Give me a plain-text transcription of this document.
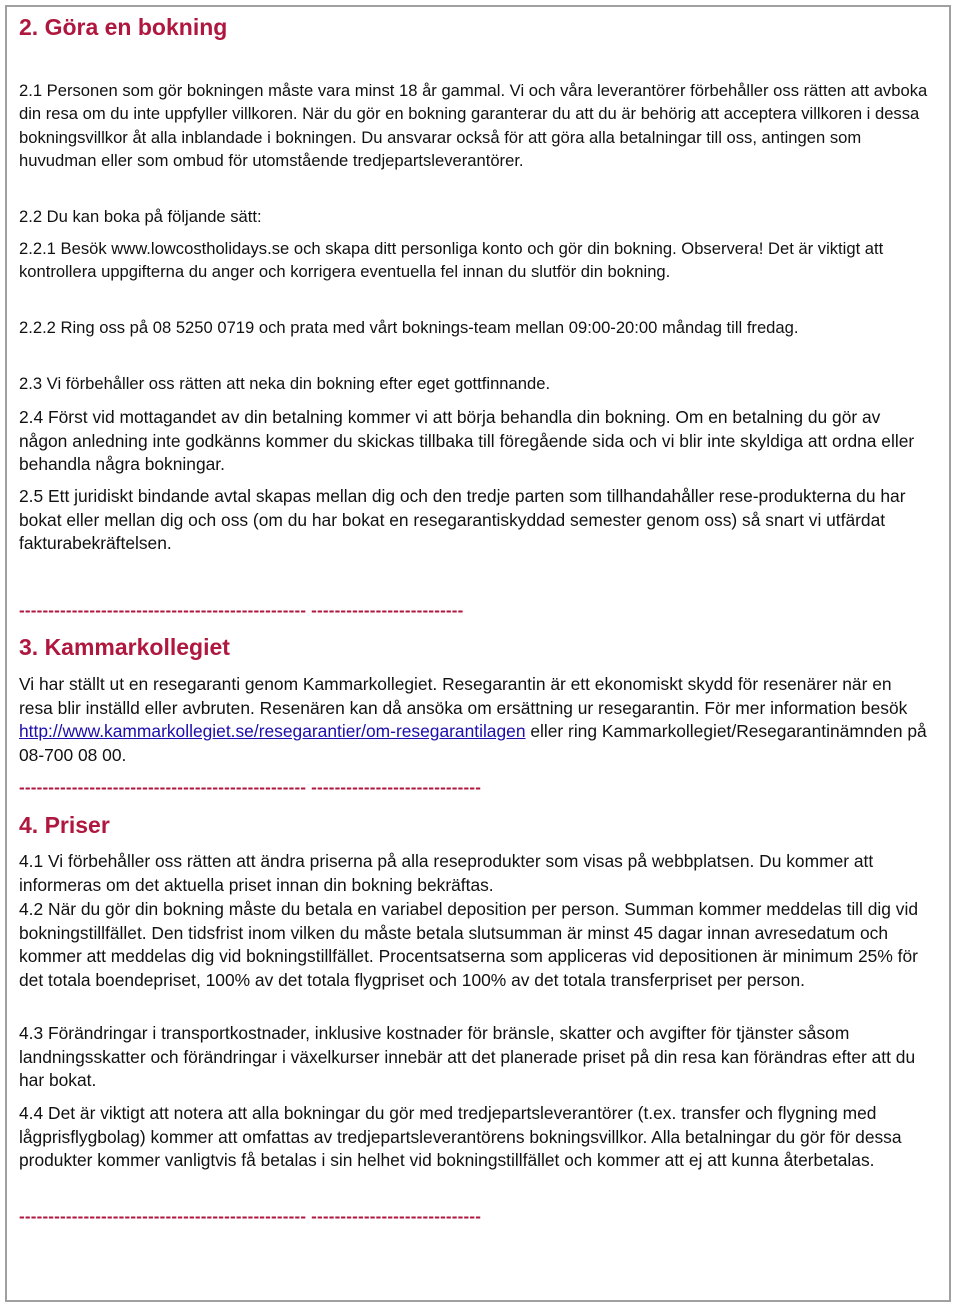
2. Göra en bokning

2.1 Personen som gör bokningen måste vara minst 18 år gammal. Vi och våra leverantörer förbehåller oss rätten att avboka din resa om du inte uppfyller villkoren. När du gör en bokning garanterar du att du är behörig att acceptera villkoren i dessa bokningsvillkor åt alla inblandade i bokningen. Du ansvarar också för att göra alla betalningar till oss, antingen som huvudman eller som ombud för utomstående tredjepartsleverantörer.

2.2 Du kan boka på följande sätt:

2.2.1 Besök www.lowcostholidays.se och skapa ditt personliga konto och gör din bokning. Observera! Det är viktigt att kontrollera uppgifterna du anger och korrigera eventuella fel innan du slutför din bokning.

2.2.2 Ring oss på 08 5250 0719 och prata med vårt boknings-team mellan 09:00-20:00 måndag till fredag.

2.3 Vi förbehåller oss rätten att neka din bokning efter eget gottfinnande.

2.4 Först vid mottagandet av din betalning kommer vi att börja behandla din bokning. Om en betalning du gör av någon anledning inte godkänns kommer du skickas tillbaka till föregående sida och vi blir inte skyldiga att ordna eller behandla några bokningar.

2.5 Ett juridiskt bindande avtal skapas mellan dig och den tredje parten som tillhandahåller rese-produkterna du har bokat eller mellan dig och oss (om du har bokat en resegarantiskyddad semester genom oss) så snart vi utfärdat fakturabekräftelsen.

------------------------------------------------- --------------------------

3. Kammarkollegiet

Vi har ställt ut en resegaranti genom Kammarkollegiet. Resegarantin är ett ekonomiskt skydd för resenärer när en resa blir inställd eller avbruten. Resenären kan då ansöka om ersättning ur resegarantin. För mer information besök http://www.kammarkollegiet.se/resegarantier/om-resegarantilagen eller ring Kammarkollegiet/Resegarantinämnden på 08-700 08 00.

------------------------------------------------- -----------------------------

4. Priser

4.1 Vi förbehåller oss rätten att ändra priserna på alla reseprodukter som visas på webbplatsen. Du kommer att informeras om det aktuella priset innan din bokning bekräftas.

4.2 När du gör din bokning måste du betala en variabel deposition per person. Summan kommer meddelas till dig vid bokningstillfället. Den tidsfrist inom vilken du måste betala slutsumman är minst 45 dagar innan avresedatum och kommer att meddelas dig vid bokningstillfället. Procentsatserna som appliceras vid depositionen är minimum 25% för det totala boendepriset, 100% av det totala flygpriset och 100% av det totala transferpriset per person.

4.3 Förändringar i transportkostnader, inklusive kostnader för bränsle, skatter och avgifter för tjänster såsom landningsskatter och förändringar i växelkurser innebär att det planerade priset på din resa kan förändras efter att du har bokat.

4.4 Det är viktigt att notera att alla bokningar du gör med tredjepartsleverantörer (t.ex. transfer och flygning med lågprisflygbolag) kommer att omfattas av tredjepartsleverantörens bokningsvillkor. Alla betalningar du gör för dessa produkter kommer vanligtvis få betalas i sin helhet vid bokningstillfället och kommer att ej att kunna återbetalas.

------------------------------------------------- -----------------------------
